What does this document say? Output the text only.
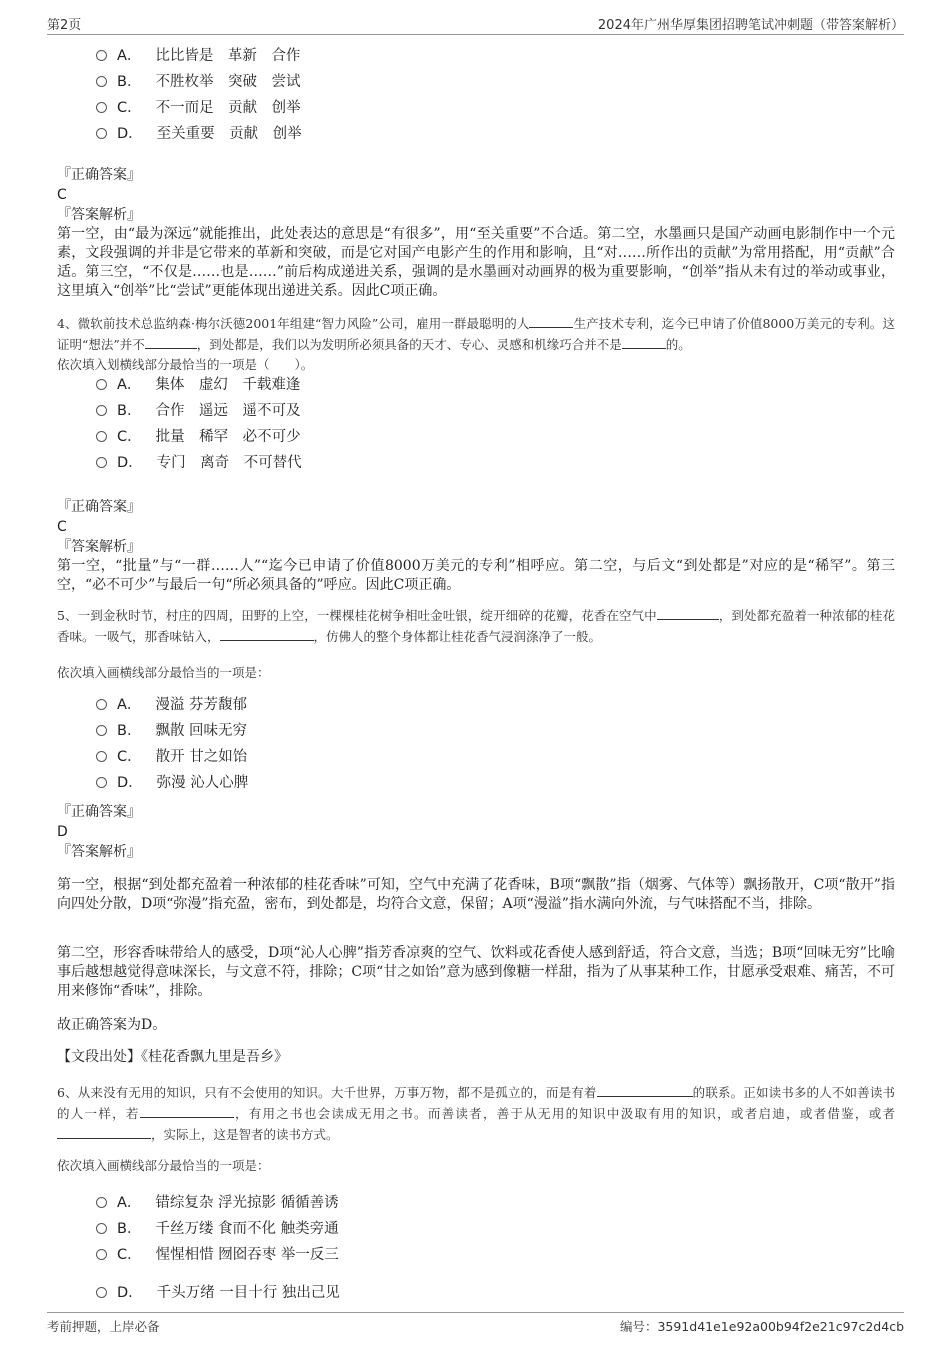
第2页	2024年广州华厚集团招聘笔试冲刺题（带答案解析）
A． 比比皆是　革新　合作
B． 不胜枚举　突破　尝试
C． 不一而足　贡献　创举
D． 至关重要　贡献　创举
『正确答案』
C
『答案解析』
第一空，由“最为深远”就能推出，此处表达的意思是“有很多”，用“至关重要”不合适。第二空，水墨画只是国产动画电影制作中一个元素，文段强调的并非是它带来的革新和突破，而是它对国产电影产生的作用和影响，且“对……所作出的贡献”为常用搭配，用“贡献”合适。第三空，“不仅是……也是……”前后构成递进关系，强调的是水墨画对动画界的极为重要影响，“创举”指从未有过的举动或事业，这里填入“创举”比“尝试”更能体现出递进关系。因此C项正确。
4、微软前技术总监纳森·梅尔沃德2001年组建“智力风险”公司，雇用一群最聪明的人	生产技术专利，迄今已申请了价值8000万美元的专利。这证明“想法”并不	，到处都是，我们以为发明所必须具备的天才、专心、灵感和机缘巧合并不是	的。
依次填入划横线部分最恰当的一项是（　　）。
A． 集体　虚幻　千载难逢
B． 合作　遥远　遥不可及
C． 批量　稀罕　必不可少
D． 专门　离奇　不可替代
『正确答案』
C
『答案解析』
第一空，“批量”与“一群……人”“迄今已申请了价值8000万美元的专利”相呼应。第二空，与后文“到处都是”对应的是“稀罕”。第三空，“必不可少”与最后一句“所必须具备的”呼应。因此C项正确。
5、一到金秋时节，村庄的四周，田野的上空，一棵棵桂花树争相吐金吐银，绽开细碎的花瓣，花香在空气中	，到处都充盈着一种浓郁的桂花香味。一吸气，那香味钻入，	，仿佛人的整个身体都让桂花香气浸润涤净了一般。
依次填入画横线部分最恰当的一项是：
A． 漫溢 芬芳馥郁
B． 飘散 回味无穷
C． 散开 甘之如饴
D． 弥漫 沁人心脾
『正确答案』
D
『答案解析』
第一空，根据“到处都充盈着一种浓郁的桂花香味”可知，空气中充满了花香味，B项“飘散”指（烟雾、气体等）飘扬散开，C项“散开”指向四处分散，D项“弥漫”指充盈，密布，到处都是，均符合文意，保留；A项“漫溢”指水满向外流，与气味搭配不当，排除。
第二空，形容香味带给人的感受，D项“沁人心脾”指芳香凉爽的空气、饮料或花香使人感到舒适，符合文意，当选；B项“回味无穷”比喻事后越想越觉得意味深长，与文意不符，排除；C项“甘之如饴”意为感到像糖一样甜，指为了从事某种工作，甘愿承受艰难、痛苦，不可用来修饰“香味”，排除。
故正确答案为D。
【文段出处】《桂花香飘九里是吾乡》
6、从来没有无用的知识，只有不会使用的知识。大千世界，万事万物，都不是孤立的，而是有着	的联系。正如读书多的人不如善读书的人一样，若	，有用之书也会读成无用之书。而善读者，善于从无用的知识中汲取有用的知识，或者启迪，或者借鉴，或者，实际上，这是智者的读书方式。
依次填入画横线部分最恰当的一项是：
A． 错综复杂 浮光掠影 循循善诱
B． 千丝万缕 食而不化 触类旁通
C． 惺惺相惜 囫囵吞枣 举一反三
D． 千头万绪 一目十行 独出己见
考前押题，上岸必备	编号：3591d41e1e92a00b94f2e21c97c2d4cb
